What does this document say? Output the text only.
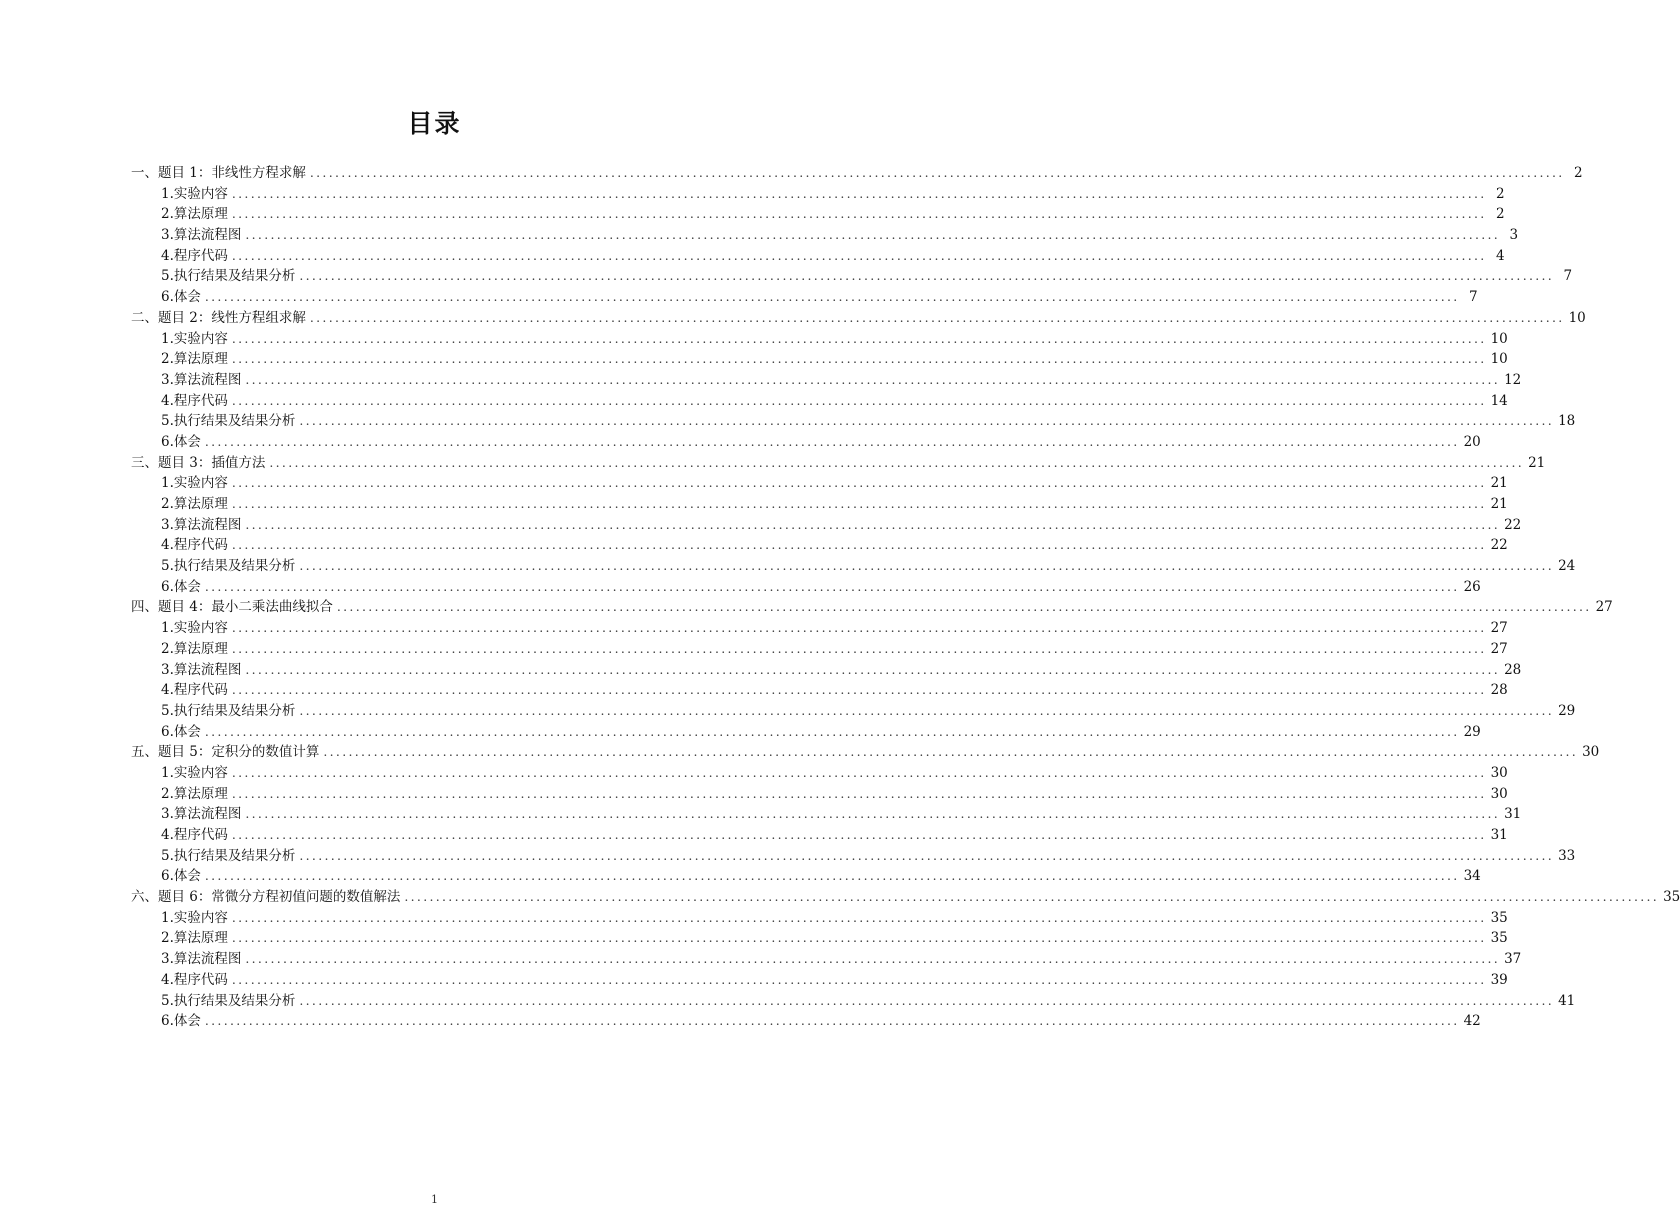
目录
一、题目 1：非线性方程求解 ........................................................................................................................................................................................................ 2
1.实验内容 ........................................................................................................................................................................................................ 2
2.算法原理 ........................................................................................................................................................................................................ 2
3.算法流程图 ........................................................................................................................................................................................................ 3
4.程序代码 ........................................................................................................................................................................................................ 4
5.执行结果及结果分析 ........................................................................................................................................................................................................ 7
6.体会 ........................................................................................................................................................................................................ 7
二、题目 2：线性方程组求解 ........................................................................................................................................................................................................ 10
1.实验内容 ........................................................................................................................................................................................................ 10
2.算法原理 ........................................................................................................................................................................................................ 10
3.算法流程图 ........................................................................................................................................................................................................ 12
4.程序代码 ........................................................................................................................................................................................................ 14
5.执行结果及结果分析 ........................................................................................................................................................................................................ 18
6.体会 ........................................................................................................................................................................................................ 20
三、题目 3：插值方法 ........................................................................................................................................................................................................ 21
1.实验内容 ........................................................................................................................................................................................................ 21
2.算法原理 ........................................................................................................................................................................................................ 21
3.算法流程图 ........................................................................................................................................................................................................ 22
4.程序代码 ........................................................................................................................................................................................................ 22
5.执行结果及结果分析 ........................................................................................................................................................................................................ 24
6.体会 ........................................................................................................................................................................................................ 26
四、题目 4：最小二乘法曲线拟合 ........................................................................................................................................................................................................ 27
1.实验内容 ........................................................................................................................................................................................................ 27
2.算法原理 ........................................................................................................................................................................................................ 27
3.算法流程图 ........................................................................................................................................................................................................ 28
4.程序代码 ........................................................................................................................................................................................................ 28
5.执行结果及结果分析 ........................................................................................................................................................................................................ 29
6.体会 ........................................................................................................................................................................................................ 29
五、题目 5：定积分的数值计算 ........................................................................................................................................................................................................ 30
1.实验内容 ........................................................................................................................................................................................................ 30
2.算法原理 ........................................................................................................................................................................................................ 30
3.算法流程图 ........................................................................................................................................................................................................ 31
4.程序代码 ........................................................................................................................................................................................................ 31
5.执行结果及结果分析 ........................................................................................................................................................................................................ 33
6.体会 ........................................................................................................................................................................................................ 34
六、题目 6：常微分方程初值问题的数值解法 ........................................................................................................................................................................................................ 35
1.实验内容 ........................................................................................................................................................................................................ 35
2.算法原理 ........................................................................................................................................................................................................ 35
3.算法流程图 ........................................................................................................................................................................................................ 37
4.程序代码 ........................................................................................................................................................................................................ 39
5.执行结果及结果分析 ........................................................................................................................................................................................................ 41
6.体会 ........................................................................................................................................................................................................ 42
1
